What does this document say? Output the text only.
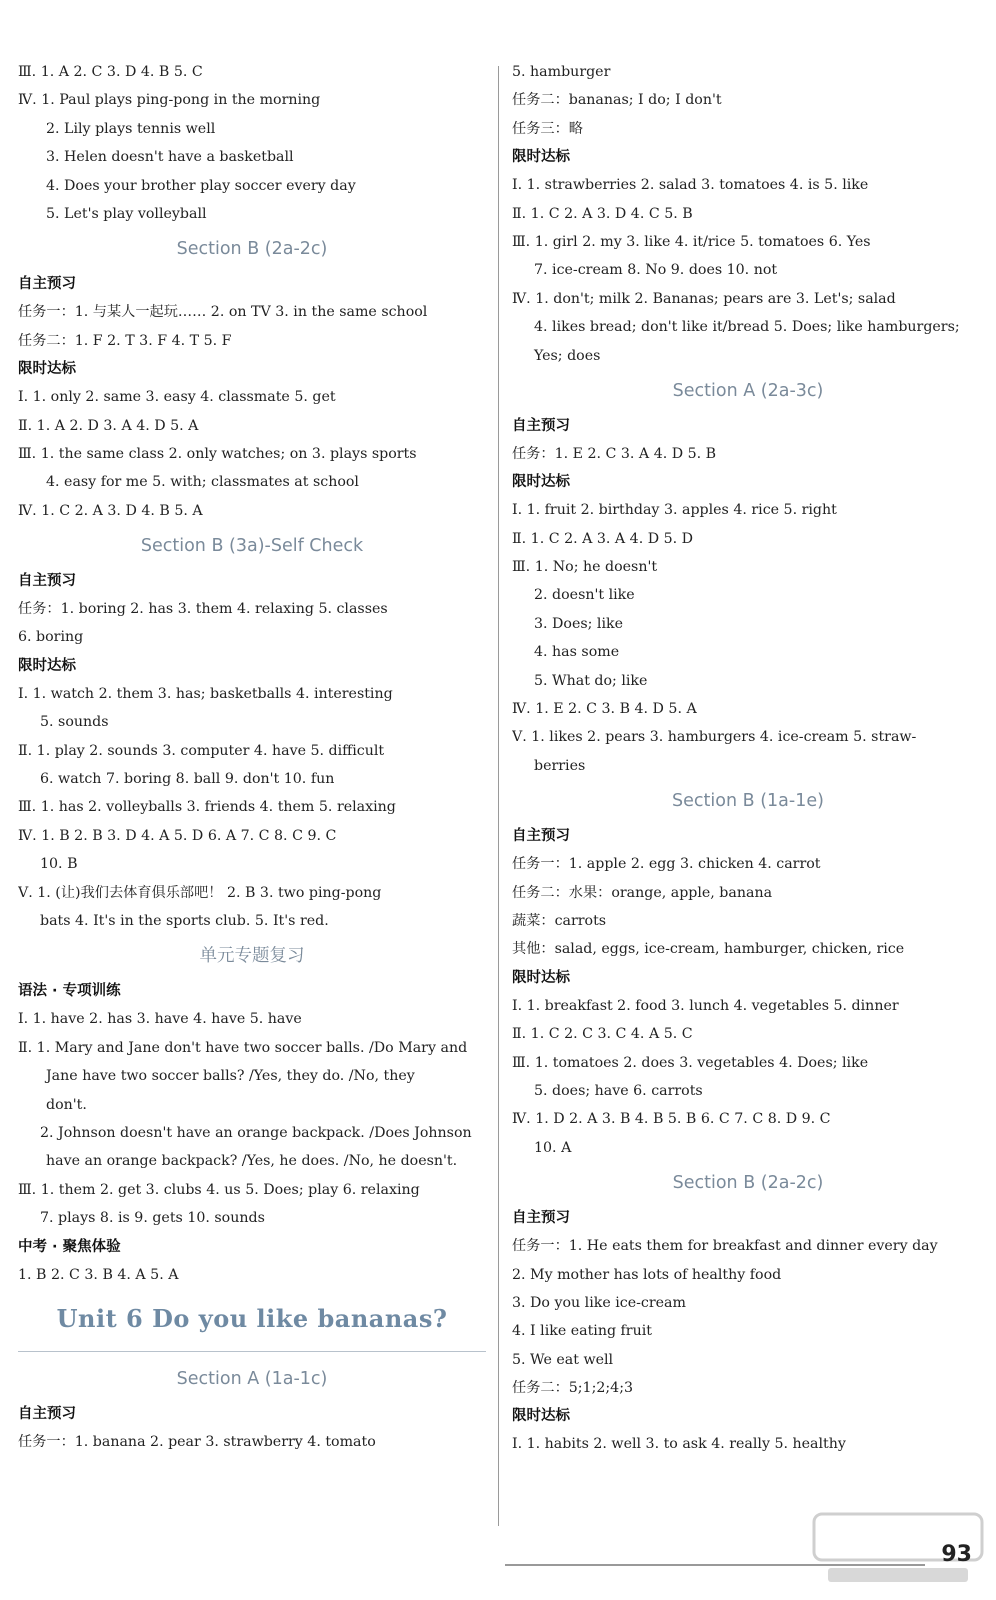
Ⅲ. 1. A 2. C 3. D 4. B 5. C
Ⅳ. 1. Paul plays ping-pong in the morning
2. Lily plays tennis well
3. Helen doesn't have a basketball
4. Does your brother play soccer every day
5. Let's play volleyball
Section B (2a-2c)
自主预习
任务一：1. 与某人一起玩…… 2. on TV 3. in the same school
任务二：1. F 2. T 3. F 4. T 5. F
限时达标
Ⅰ. 1. only 2. same 3. easy 4. classmate 5. get
Ⅱ. 1. A 2. D 3. A 4. D 5. A
Ⅲ. 1. the same class 2. only watches; on 3. plays sports
4. easy for me 5. with; classmates at school
Ⅳ. 1. C 2. A 3. D 4. B 5. A
Section B (3a)-Self Check
自主预习
任务：1. boring 2. has 3. them 4. relaxing 5. classes
6. boring
限时达标
Ⅰ. 1. watch 2. them 3. has; basketballs 4. interesting
5. sounds
Ⅱ. 1. play 2. sounds 3. computer 4. have 5. difficult
6. watch 7. boring 8. ball 9. don't 10. fun
Ⅲ. 1. has 2. volleyballs 3. friends 4. them 5. relaxing
Ⅳ. 1. B 2. B 3. D 4. A 5. D 6. A 7. C 8. C 9. C
10. B
Ⅴ. 1. (让)我们去体育俱乐部吧！ 2. B 3. two ping-pong
bats 4. It's in the sports club. 5. It's red.
单元专题复习
语法 · 专项训练
Ⅰ. 1. have 2. has 3. have 4. have 5. have
Ⅱ. 1. Mary and Jane don't have two soccer balls. /Do Mary and
Jane have two soccer balls? /Yes, they do. /No, they
don't.
2. Johnson doesn't have an orange backpack. /Does Johnson
have an orange backpack? /Yes, he does. /No, he doesn't.
Ⅲ. 1. them 2. get 3. clubs 4. us 5. Does; play 6. relaxing
7. plays 8. is 9. gets 10. sounds
中考 · 聚焦体验
1. B 2. C 3. B 4. A 5. A
Unit 6 Do you like bananas?
Section A (1a-1c)
自主预习
任务一：1. banana 2. pear 3. strawberry 4. tomato
5. hamburger
任务二：bananas; I do; I don't
任务三：略
限时达标
Ⅰ. 1. strawberries 2. salad 3. tomatoes 4. is 5. like
Ⅱ. 1. C 2. A 3. D 4. C 5. B
Ⅲ. 1. girl 2. my 3. like 4. it/rice 5. tomatoes 6. Yes
7. ice-cream 8. No 9. does 10. not
Ⅳ. 1. don't; milk 2. Bananas; pears are 3. Let's; salad
4. likes bread; don't like it/bread 5. Does; like hamburgers;
Yes; does
Section A (2a-3c)
自主预习
任务：1. E 2. C 3. A 4. D 5. B
限时达标
Ⅰ. 1. fruit 2. birthday 3. apples 4. rice 5. right
Ⅱ. 1. C 2. A 3. A 4. D 5. D
Ⅲ. 1. No; he doesn't
2. doesn't like
3. Does; like
4. has some
5. What do; like
Ⅳ. 1. E 2. C 3. B 4. D 5. A
Ⅴ. 1. likes 2. pears 3. hamburgers 4. ice-cream 5. straw-
berries
Section B (1a-1e)
自主预习
任务一：1. apple 2. egg 3. chicken 4. carrot
任务二：水果：orange, apple, banana
蔬菜：carrots
其他：salad, eggs, ice-cream, hamburger, chicken, rice
限时达标
Ⅰ. 1. breakfast 2. food 3. lunch 4. vegetables 5. dinner
Ⅱ. 1. C 2. C 3. C 4. A 5. C
Ⅲ. 1. tomatoes 2. does 3. vegetables 4. Does; like
5. does; have 6. carrots
Ⅳ. 1. D 2. A 3. B 4. B 5. B 6. C 7. C 8. D 9. C
10. A
Section B (2a-2c)
自主预习
任务一：1. He eats them for breakfast and dinner every day
2. My mother has lots of healthy food
3. Do you like ice-cream
4. I like eating fruit
5. We eat well
任务二：5;1;2;4;3
限时达标
Ⅰ. 1. habits 2. well 3. to ask 4. really 5. healthy
93
